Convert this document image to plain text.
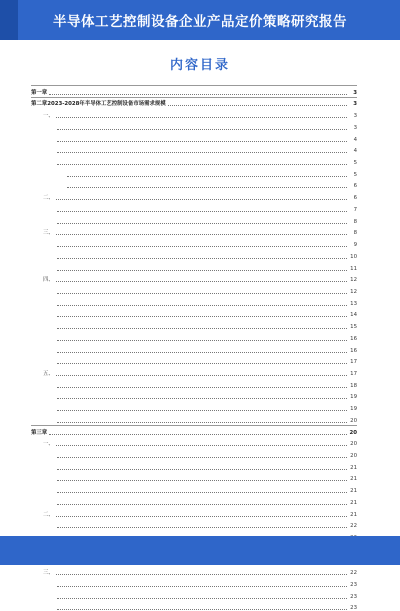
半导体工艺控制设备企业产品定价策略研究报告
内容目录
第一章	3
第二章 2023-2028年半导体工艺控制设备市场需求规模	3
一、	3
3
4
4
5
5
6
二、	6
7
8
三、	8
9
10
11
四、	12
12
13
14
15
16
16
17
五、	17
18
19
19
20
第三章	20
一、	20
20
21
21
21
21
二、	21
22
三、	22
23
23
23
